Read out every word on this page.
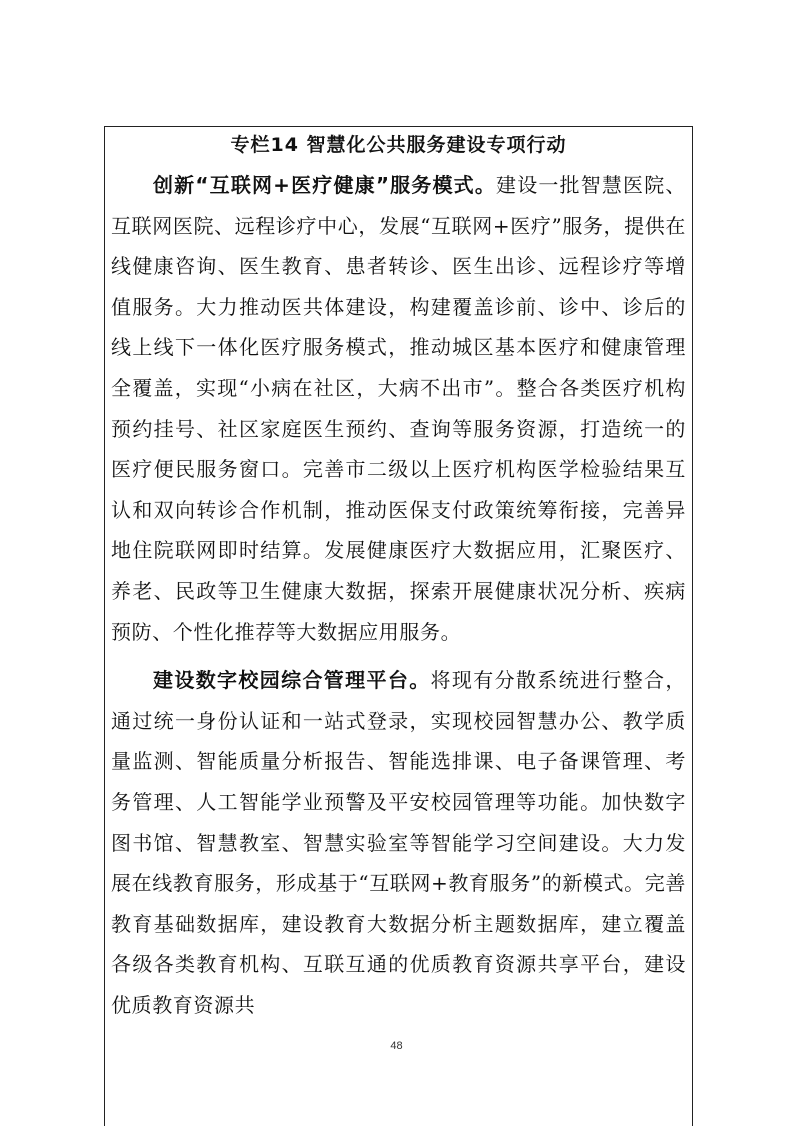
专栏14 智慧化公共服务建设专项行动

创新“互联网+医疗健康”服务模式。建设一批智慧医院、互联网医院、远程诊疗中心，发展“互联网+医疗”服务，提供在线健康咨询、医生教育、患者转诊、医生出诊、远程诊疗等增值服务。大力推动医共体建设，构建覆盖诊前、诊中、诊后的线上线下一体化医疗服务模式，推动城区基本医疗和健康管理全覆盖，实现“小病在社区，大病不出市”。整合各类医疗机构预约挂号、社区家庭医生预约、查询等服务资源，打造统一的医疗便民服务窗口。完善市二级以上医疗机构医学检验结果互认和双向转诊合作机制，推动医保支付政策统筹衔接，完善异地住院联网即时结算。发展健康医疗大数据应用，汇聚医疗、养老、民政等卫生健康大数据，探索开展健康状况分析、疾病预防、个性化推荐等大数据应用服务。

建设数字校园综合管理平台。将现有分散系统进行整合，通过统一身份认证和一站式登录，实现校园智慧办公、教学质量监测、智能质量分析报告、智能选排课、电子备课管理、考务管理、人工智能学业预警及平安校园管理等功能。加快数字图书馆、智慧教室、智慧实验室等智能学习空间建设。大力发展在线教育服务，形成基于“互联网+教育服务”的新模式。完善教育基础数据库，建设教育大数据分析主题数据库，建立覆盖各级各类教育机构、互联互通的优质教育资源共享平台，建设优质教育资源共

48
